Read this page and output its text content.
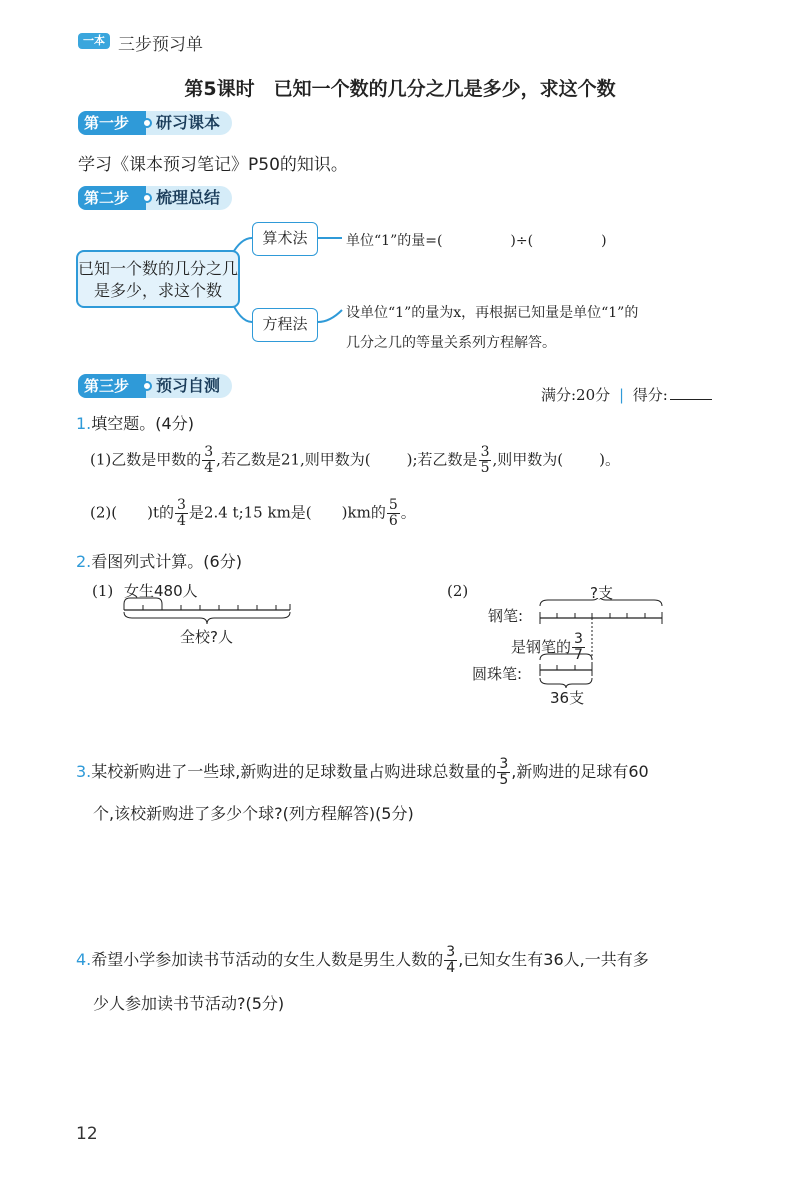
一本 三步预习单
第5课时　已知一个数的几分之几是多少，求这个数
第一步	研习课本
学习《课本预习笔记》P50的知识。
第二步	梳理总结
已知一个数的几分之几是多少，求这个数
算术法
方程法
单位“1”的量=(	)÷(	)
设单位“1”的量为x，再根据已知量是单位“1”的
几分之几的等量关系列方程解答。
第三步	预习自测	满分:20分 | 得分:
1.填空题。(4分)
(1)乙数是甲数的 $\frac{3}{4}$ ,若乙数是21,则甲数为( );若乙数是 $\frac{3}{5}$ ,则甲数为( )。
(2)( )t的 $\frac{3}{4}$ 是2.4 t;15 km是( )km的 $\frac{5}{6}$ 。
2.看图列式计算。(6分)
(1) 女生480人
全校?人
(2)	?支
钢笔:
是钢笔的 $\frac{3}{7}$
圆珠笔:
36支
3.某校新购进了一些球,新购进的足球数量占购进球总数量的 $\frac{3}{5}$ ,新购进的足球有60
个,该校新购进了多少个球?(列方程解答)(5分)
4.希望小学参加读书节活动的女生人数是男生人数的 $\frac{3}{4}$ ,已知女生有36人,一共有多
少人参加读书节活动?(5分)
12
